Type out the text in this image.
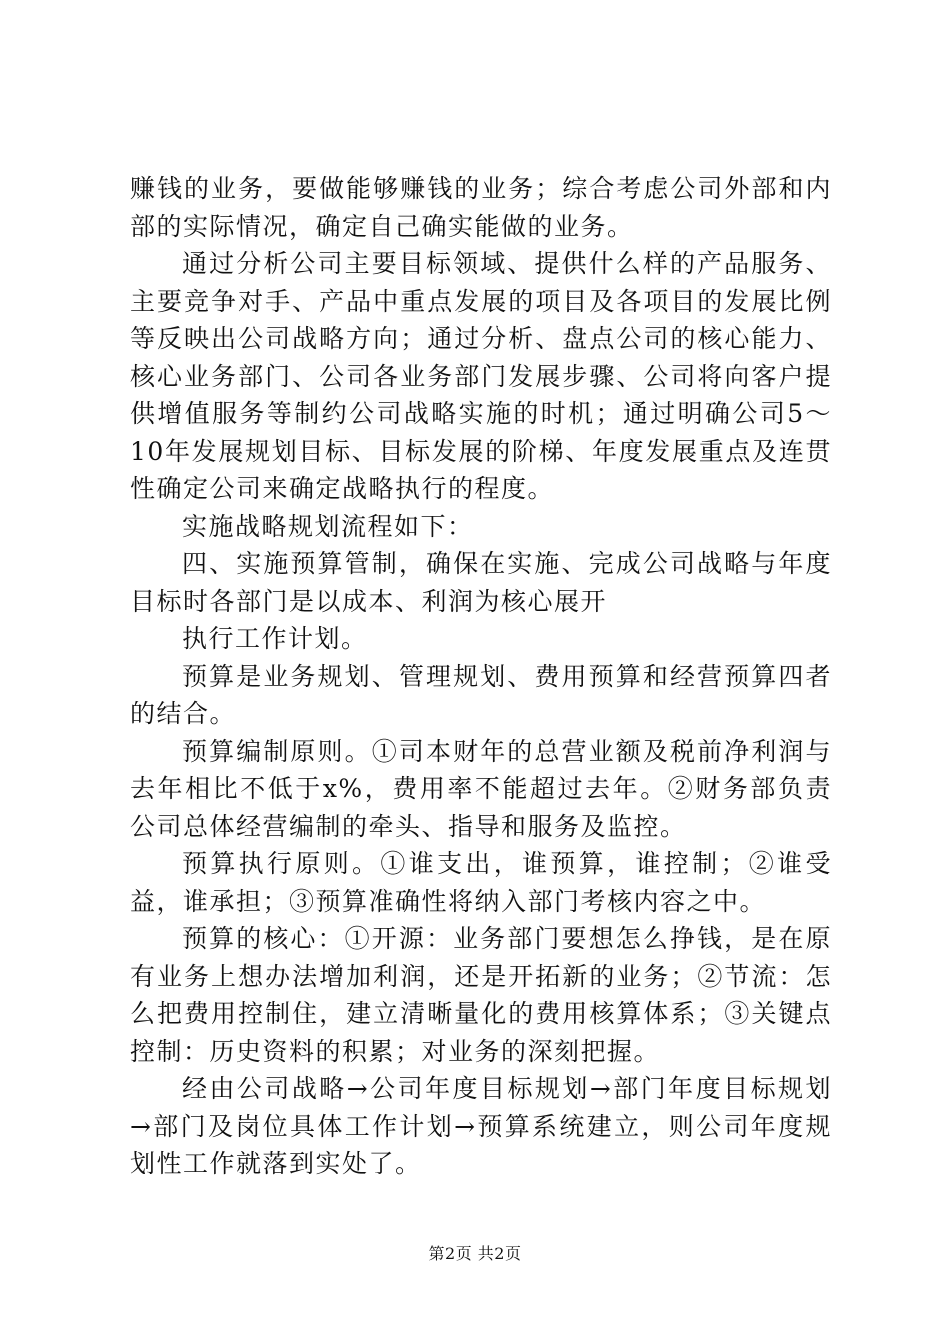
赚钱的业务，要做能够赚钱的业务；综合考虑公司外部和内部的实际情况，确定自己确实能做的业务。

通过分析公司主要目标领域、提供什么样的产品服务、主要竞争对手、产品中重点发展的项目及各项目的发展比例等反映出公司战略方向；通过分析、盘点公司的核心能力、核心业务部门、公司各业务部门发展步骤、公司将向客户提供增值服务等制约公司战略实施的时机；通过明确公司5～10年发展规划目标、目标发展的阶梯、年度发展重点及连贯性确定公司来确定战略执行的程度。

实施战略规划流程如下：

四、实施预算管制，确保在实施、完成公司战略与年度目标时各部门是以成本、利润为核心展开

执行工作计划。

预算是业务规划、管理规划、费用预算和经营预算四者的结合。

预算编制原则。①司本财年的总营业额及税前净利润与去年相比不低于x%，费用率不能超过去年。②财务部负责公司总体经营编制的牵头、指导和服务及监控。

预算执行原则。①谁支出，谁预算，谁控制；②谁受益，谁承担；③预算准确性将纳入部门考核内容之中。

预算的核心：①开源：业务部门要想怎么挣钱，是在原有业务上想办法增加利润，还是开拓新的业务；②节流：怎么把费用控制住，建立清晰量化的费用核算体系；③关键点控制：历史资料的积累；对业务的深刻把握。

经由公司战略→公司年度目标规划→部门年度目标规划→部门及岗位具体工作计划→预算系统建立，则公司年度规划性工作就落到实处了。

第2页 共2页
